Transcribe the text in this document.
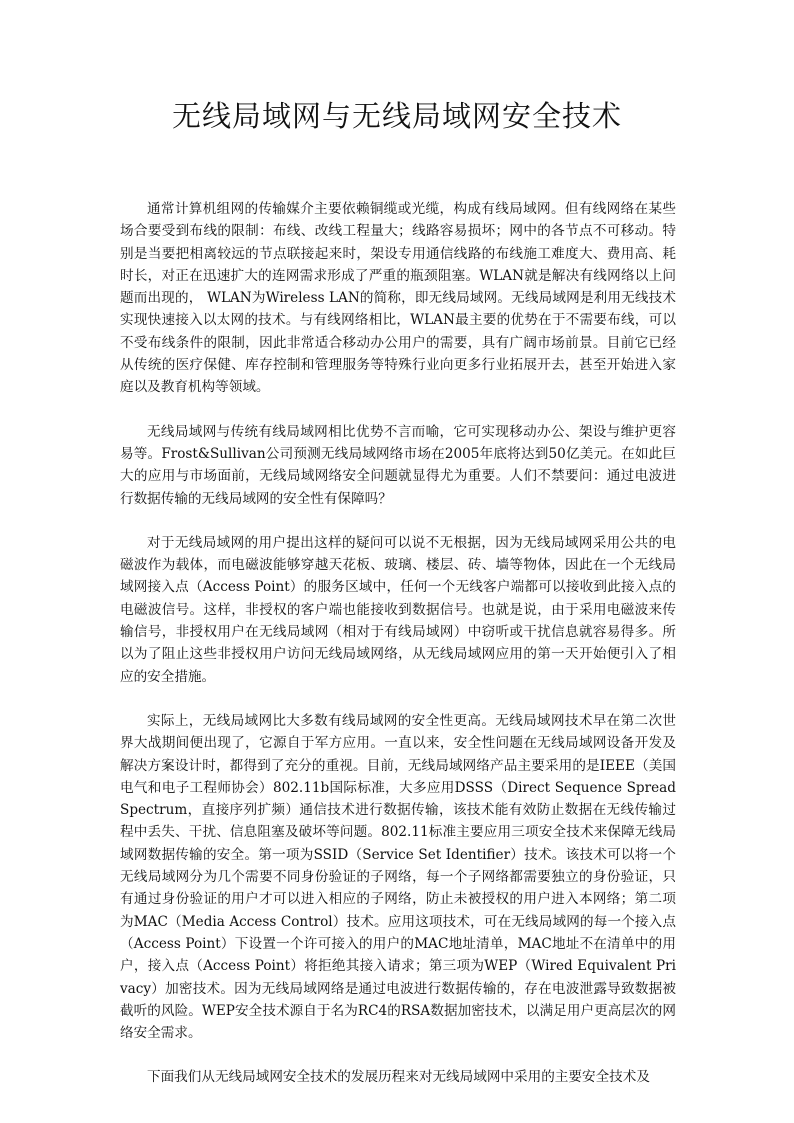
无线局域网与无线局域网安全技术

通常计算机组网的传输媒介主要依赖铜缆或光缆，构成有线局域网。但有线网络在某些场合要受到布线的限制：布线、改线工程量大；线路容易损坏；网中的各节点不可移动。特别是当要把相离较远的节点联接起来时，架设专用通信线路的布线施工难度大、费用高、耗时长，对正在迅速扩大的连网需求形成了严重的瓶颈阻塞。WLAN就是解决有线网络以上问题而出现的， WLAN为Wireless LAN的简称，即无线局域网。无线局域网是利用无线技术实现快速接入以太网的技术。与有线网络相比，WLAN最主要的优势在于不需要布线，可以不受布线条件的限制，因此非常适合移动办公用户的需要，具有广阔市场前景。目前它已经从传统的医疗保健、库存控制和管理服务等特殊行业向更多行业拓展开去，甚至开始进入家庭以及教育机构等领域。

无线局域网与传统有线局域网相比优势不言而喻，它可实现移动办公、架设与维护更容易等。Frost&Sullivan公司预测无线局域网络市场在2005年底将达到50亿美元。在如此巨大的应用与市场面前，无线局域网络安全问题就显得尤为重要。人们不禁要问：通过电波进行数据传输的无线局域网的安全性有保障吗？

对于无线局域网的用户提出这样的疑问可以说不无根据，因为无线局域网采用公共的电磁波作为载体，而电磁波能够穿越天花板、玻璃、楼层、砖、墙等物体，因此在一个无线局域网接入点（Access Point）的服务区域中，任何一个无线客户端都可以接收到此接入点的电磁波信号。这样，非授权的客户端也能接收到数据信号。也就是说，由于采用电磁波来传输信号，非授权用户在无线局域网（相对于有线局域网）中窃听或干扰信息就容易得多。所以为了阻止这些非授权用户访问无线局域网络，从无线局域网应用的第一天开始便引入了相应的安全措施。

实际上，无线局域网比大多数有线局域网的安全性更高。无线局域网技术早在第二次世界大战期间便出现了，它源自于军方应用。一直以来，安全性问题在无线局域网设备开发及解决方案设计时，都得到了充分的重视。目前，无线局域网络产品主要采用的是IEEE（美国电气和电子工程师协会）802.11b国际标准，大多应用DSSS（Direct Sequence Spread Spectrum，直接序列扩频）通信技术进行数据传输，该技术能有效防止数据在无线传输过程中丢失、干扰、信息阻塞及破坏等问题。802.11标准主要应用三项安全技术来保障无线局域网数据传输的安全。第一项为SSID（Service Set Identifier）技术。该技术可以将一个无线局域网分为几个需要不同身份验证的子网络，每一个子网络都需要独立的身份验证，只有通过身份验证的用户才可以进入相应的子网络，防止未被授权的用户进入本网络；第二项为MAC（Media Access Control）技术。应用这项技术，可在无线局域网的每一个接入点（Access Point）下设置一个许可接入的用户的MAC地址清单，MAC地址不在清单中的用户，接入点（Access Point）将拒绝其接入请求；第三项为WEP（Wired Equivalent Privacy）加密技术。因为无线局域网络是通过电波进行数据传输的，存在电波泄露导致数据被截听的风险。WEP安全技术源自于名为RC4的RSA数据加密技术，以满足用户更高层次的网络安全需求。

下面我们从无线局域网安全技术的发展历程来对无线局域网中采用的主要安全技术及
